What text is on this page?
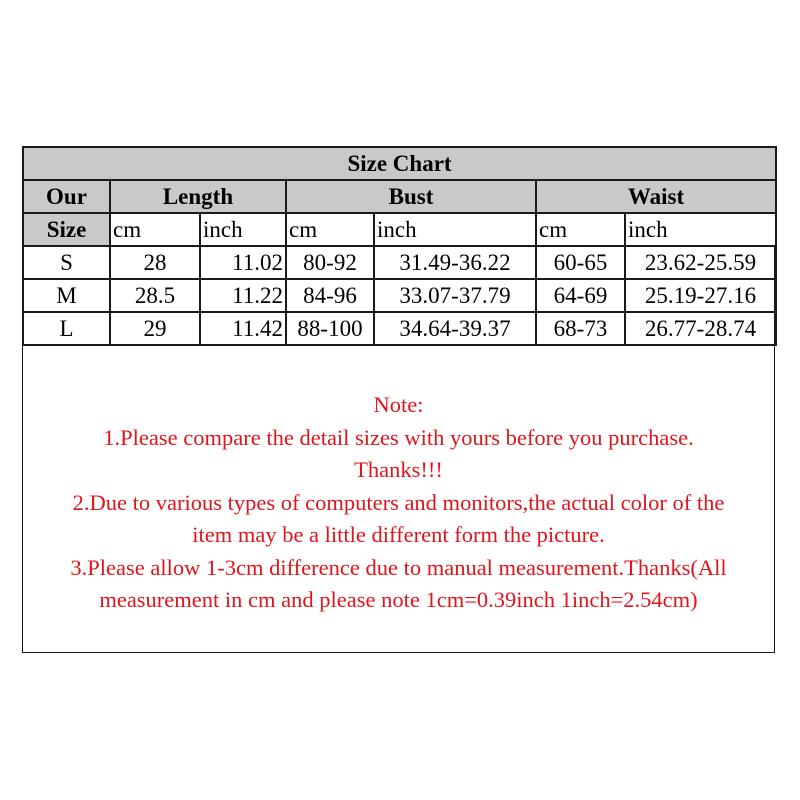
Size Chart						
Our	Length		Bust		Waist	
Size	cm	inch	cm	inch	cm	inch
S	28	11.02	80-92	31.49-36.22	60-65	23.62-25.59
M	28.5	11.22	84-96	33.07-37.79	64-69	25.19-27.16
L	29	11.42	88-100	34.64-39.37	68-73	26.77-28.74
Note:
1.Please compare the detail sizes with yours before you purchase.
Thanks!!!
2.Due to various types of computers and monitors,the actual color of the
item may be a little different form the picture.
3.Please allow 1-3cm difference due to manual measurement.Thanks(All
measurement in cm and please note 1cm=0.39inch 1inch=2.54cm)
